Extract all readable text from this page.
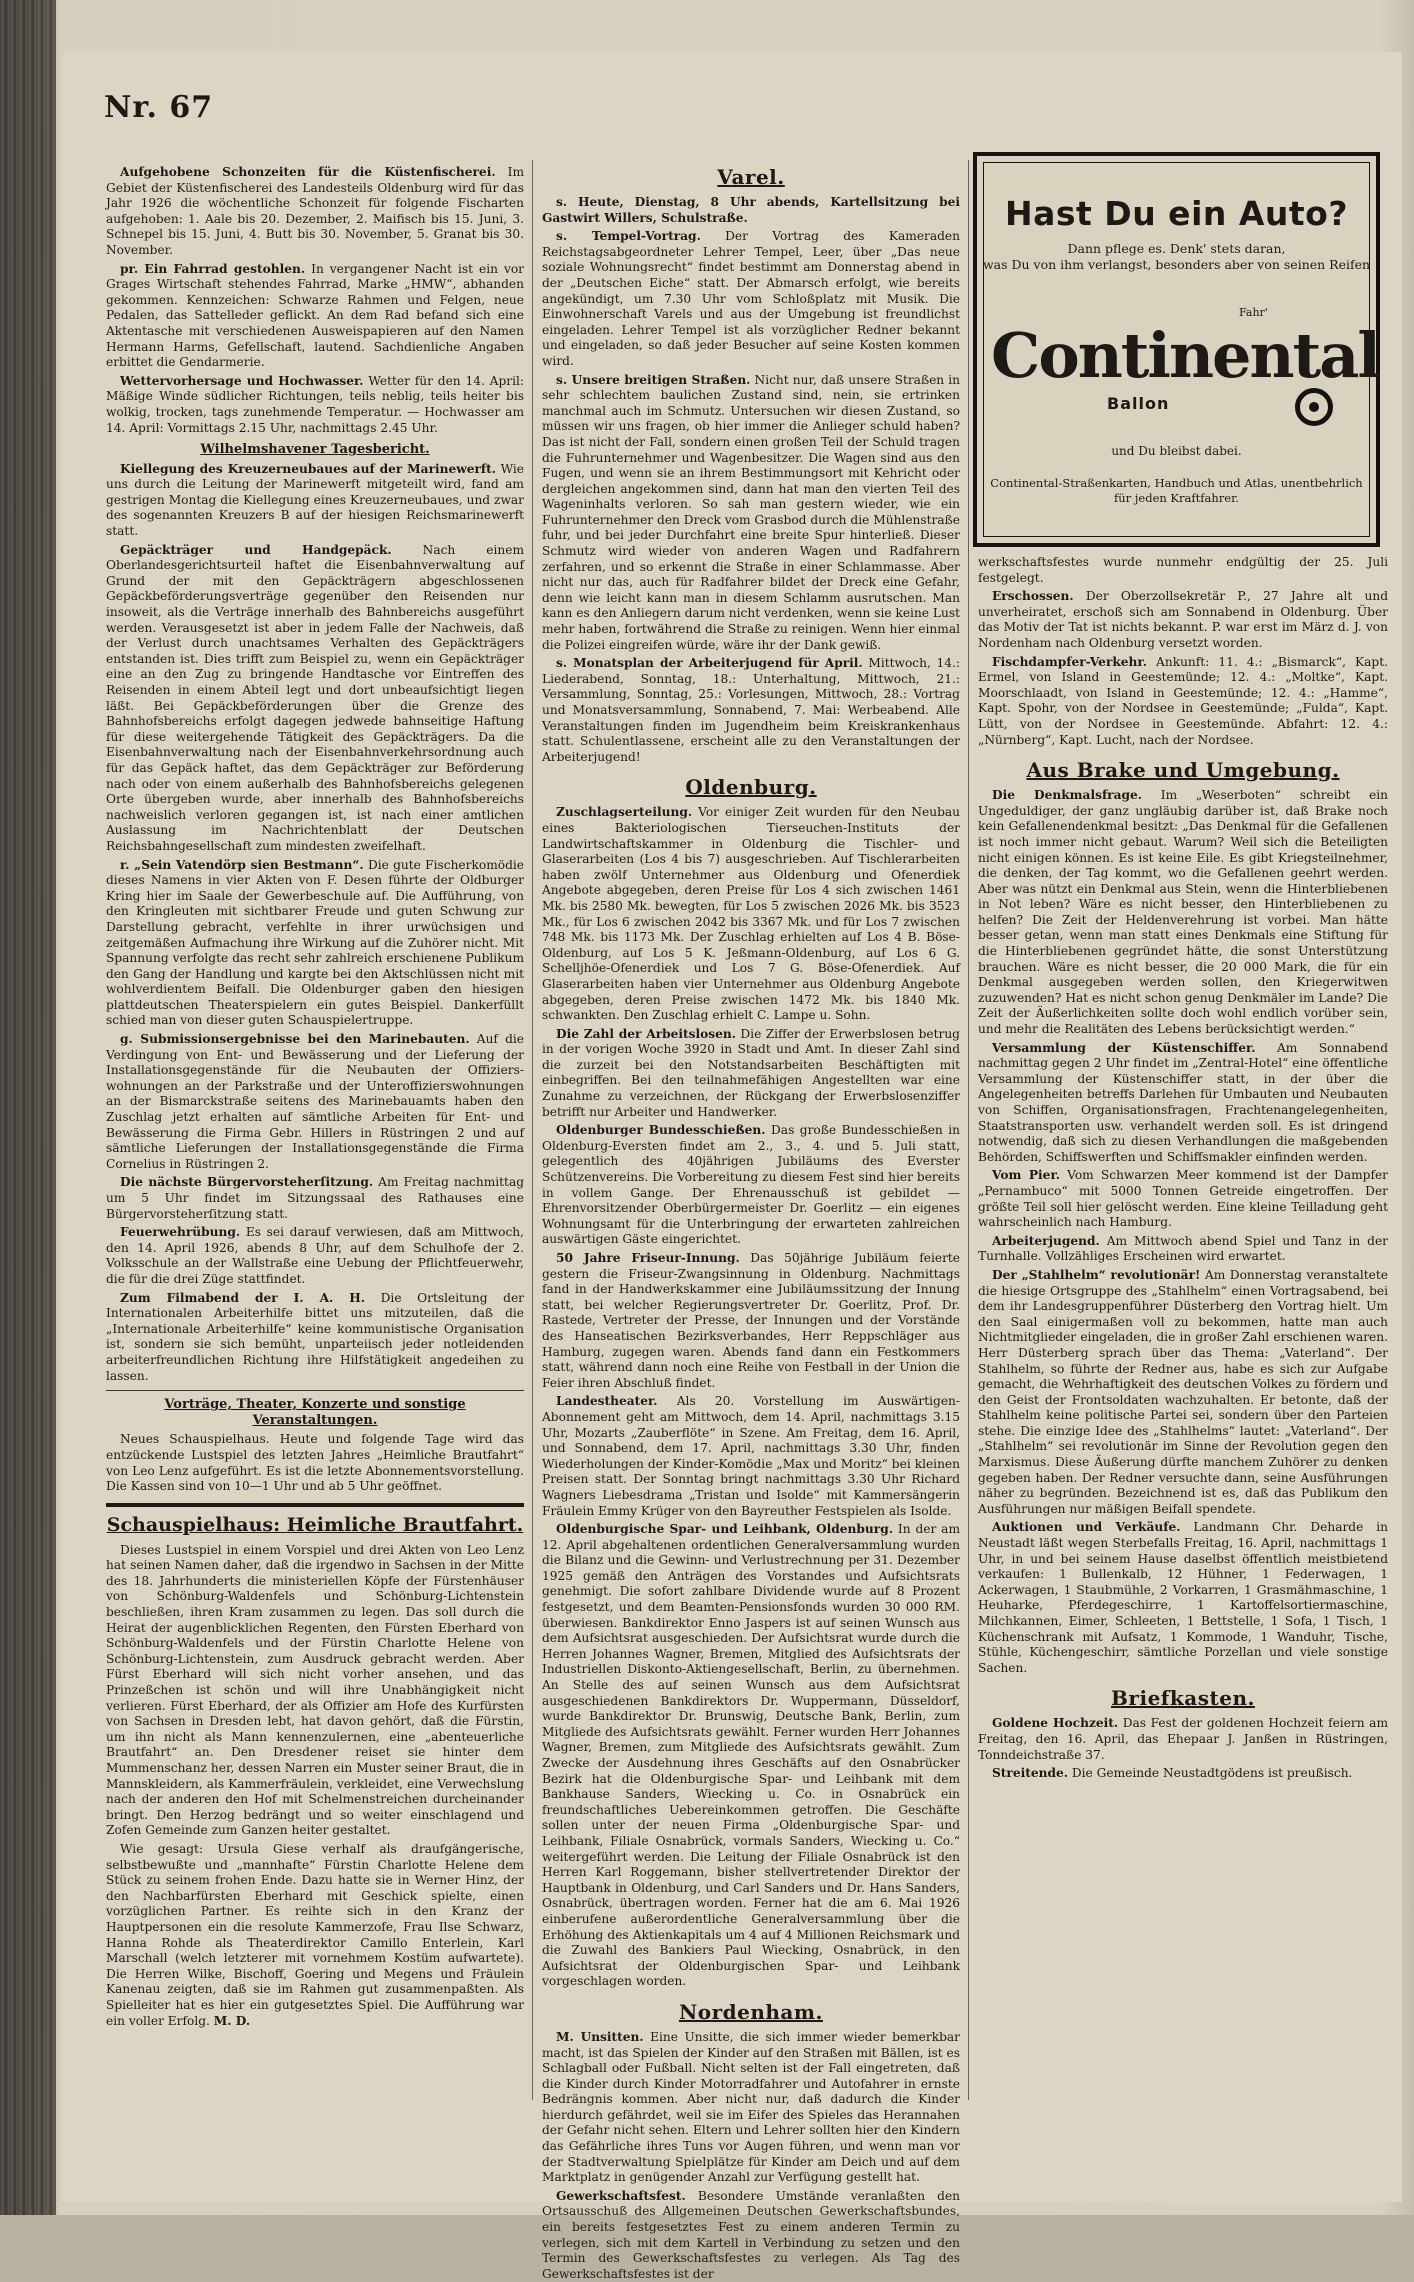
Nr. 67

Aufgehobene Schonzeiten für die Küstenfischerei. Im Gebiet der Küstenfischerei des Landesteils Oldenburg wird für das Jahr 1926 die wöchentliche Schonzeit für folgende Fischarten aufgehoben: 1. Aale bis 20. Dezember, 2. Maifisch bis 15. Juni, 3. Schnepel bis 15. Juni, 4. Butt bis 30. November, 5. Granat bis 30. November.

pr. Ein Fahrrad gestohlen. In vergangener Nacht ist ein vor Grages Wirtschaft stehendes Fahrrad, Marke „HMW“, abhanden gekommen. Kennzeichen: Schwarze Rahmen und Felgen, neue Pedalen, das Sattelleder geflickt. An dem Rad befand sich eine Aktentasche mit verschiedenen Ausweispapieren auf den Namen Hermann Harms, Gefellschaft, lautend. Sachdienliche Angaben erbittet die Gendarmerie.

Wettervorhersage und Hochwasser. Wetter für den 14. April: Mäßige Winde südlicher Richtungen, teils neblig, teils heiter bis wolkig, trocken, tags zunehmende Temperatur. — Hochwasser am 14. April: Vormittags 2.15 Uhr, nachmittags 2.45 Uhr.

Wilhelmshavener Tagesbericht.

Kiellegung des Kreuzerneubaues auf der Marinewerft. Wie uns durch die Leitung der Marinewerft mitgeteilt wird, fand am gestrigen Montag die Kiellegung eines Kreuzerneubaues, und zwar des sogenannten Kreuzers B auf der hiesigen Reichsmarinewerft statt.

Gepäckträger und Handgepäck.	Nach einem Oberlandesgerichtsurteil haftet die Eisenbahnverwaltung auf Grund der mit den Gepäckträgern abgeschlossenen Gepäckbeförderungsverträge gegenüber den Reisenden nur insoweit, als die Verträge innerhalb des Bahnbereichs ausgeführt werden. Verausgesetzt ist aber in jedem Falle der Nachweis, daß der Verlust durch unachtsames Verhalten des Gepäckträgers entstanden ist. Dies trifft zum Beispiel zu, wenn ein Gepäckträger eine an den Zug zu bringende Handtasche vor Eintreffen des Reisenden in einem Abteil legt und dort unbeaufsichtigt liegen läßt. Bei Gepäckbeförderungen über die Grenze des Bahnhofsbereichs erfolgt dagegen jedwede bahnseitige Haftung für diese weitergehende Tätigkeit des Gepäckträgers. Da die Eisenbahnverwaltung nach der Eisenbahnverkehrsordnung auch für das Gepäck haftet, das dem Gepäckträger zur Beförderung nach oder von einem außerhalb des Bahnhofsbereichs gelegenen Orte übergeben wurde, aber innerhalb des Bahnhofsbereichs nachweislich verloren gegangen ist, ist nach einer amtlichen Auslassung im Nachrichtenblatt der Deutschen Reichsbahngesellschaft zum mindesten zweifelhaft.

r. „Sein Vatendörp sien Bestmann“. Die gute Fischerkomödie dieses Namens in vier Akten von F. Desen führte der Oldburger Kring hier im Saale der Gewerbeschule auf. Die Aufführung, von den Kringleuten mit sichtbarer Freude und guten Schwung zur Darstellung gebracht, verfehlte in ihrer urwüchsigen und zeitgemäßen Aufmachung ihre Wirkung auf die Zuhörer nicht. Mit Spannung verfolgte das recht sehr zahlreich erschienene Publikum den Gang der Handlung und kargte bei den Aktschlüssen nicht mit wohlverdientem Beifall. Die Oldenburger gaben den hiesigen plattdeutschen Theaterspielern ein gutes Beispiel. Dankerfüllt schied man von dieser guten Schauspielertruppe.

g. Submissionsergebnisse bei den Marinebauten. Auf die Verdingung von Ent- und Bewässerung und der Lieferung der Installationsgegenstände für die Neubauten der Offiziers-wohnungen an der Parkstraße und der Unteroffizierswohnungen an der Bismarckstraße seitens des Marinebauamts haben den Zuschlag jetzt erhalten auf sämtliche Arbeiten für Ent- und Bewässerung die Firma Gebr. Hillers in Rüstringen 2 und auf sämtliche Lieferungen der Installationsgegenstände die Firma Cornelius in Rüstringen 2.

Die nächste Bürgervorsteherſitzung. Am Freitag nachmittag um 5 Uhr findet im Sitzungssaal des Rathauses eine Bürgervorsteherſitzung statt.

Feuerwehrübung. Es sei darauf verwiesen, daß am Mittwoch, den 14. April 1926, abends 8 Uhr, auf dem Schulhofe der 2. Volksschule an der Wallstraße eine Uebung der Pflichtfeuerwehr, die für die drei Züge stattfindet.

Zum Filmabend der I. A. H. Die Ortsleitung der Internationalen Arbeiterhilfe bittet uns mitzuteilen, daß die „Internationale Arbeiterhilfe“ keine kommunistische Organisation ist, sondern sie sich bemüht, unparteiisch jeder notleidenden arbeiterfreundlichen Richtung ihre Hilfstätigkeit angedeihen zu lassen.

Vorträge, Theater, Konzerte und sonstige Veranstaltungen.

Neues Schauspielhaus. Heute und folgende Tage wird das entzückende Lustspiel des letzten Jahres „Heimliche Brautfahrt“ von Leo Lenz aufgeführt. Es ist die letzte Abonnementsvorstellung. Die Kassen sind von 10—1 Uhr und ab 5 Uhr geöffnet.

Schauspielhaus: Heimliche Brautfahrt.

Dieses Lustspiel in einem Vorspiel und drei Akten von Leo Lenz hat seinen Namen daher, daß die irgendwo in Sachsen in der Mitte des 18. Jahrhunderts die ministeriellen Köpfe der Fürstenhäuser von Schönburg-Waldenfels und Schönburg-Lichtenstein beschließen, ihren Kram zusammen zu legen. Das soll durch die Heirat der augenblicklichen Regenten, den Fürsten Eberhard von Schönburg-Waldenfels und der Fürstin Charlotte Helene von Schönburg-Lichtenstein, zum Ausdruck gebracht werden. Aber Fürst Eberhard will sich nicht vorher ansehen, und das Prinzeßchen ist schön und will ihre Unabhängigkeit nicht verlieren. Fürst Eberhard, der als Offizier am Hofe des Kurfürsten von Sachsen in Dresden lebt, hat davon gehört, daß die Fürstin, um ihn nicht als Mann kennenzulernen, eine „abenteuerliche Brautfahrt“ an. Den Dresdener reiset sie hinter dem Mummenschanz her, dessen Narren ein Muster seiner Braut, die in Mannskleidern, als Kammerfräulein, verkleidet, eine Verwechslung nach der anderen den Hof mit Schelmenstreichen durcheinander bringt. Den Herzog bedrängt und so weiter einschlagend und Zofen Gemeinde zum Ganzen heiter gestaltet.

Wie gesagt: Ursula Giese verhalf als draufgängerische, selbstbewußte und „mannhafte“ Fürstin Charlotte Helene dem Stück zu seinem frohen Ende. Dazu hatte sie in Werner Hinz, der den Nachbarfürsten Eberhard mit Geschick spielte, einen vorzüglichen Partner. Es reihte sich in den Kranz der Hauptpersonen ein die resolute Kammerzofe, Frau Ilse Schwarz, Hanna Rohde als Theaterdirektor Camillo Enterlein, Karl Marschall (welch letzterer mit vornehmem Kostüm aufwartete). Die Herren Wilke, Bischoff, Goering und Megens und Fräulein Kanenau zeigten, daß sie im Rahmen gut zusammenpaßten. Als Spielleiter hat es hier ein gutgesetztes Spiel. Die Aufführung war ein voller Erfolg. M. D.

Varel.

s. Heute, Dienstag, 8 Uhr abends, Kartellsitzung bei Gastwirt Willers, Schulstraße.

s. Tempel-Vortrag. Der Vortrag des Kameraden Reichstagsabgeordneter Lehrer Tempel, Leer, über „Das neue soziale Wohnungsrecht“ findet bestimmt am Donnerstag abend in der „Deutschen Eiche“ statt. Der Abmarsch erfolgt, wie bereits angekündigt, um 7.30 Uhr vom Schloßplatz mit Musik. Die Einwohnerschaft Varels und aus der Umgebung ist freundlichst eingeladen. Lehrer Tempel ist als vorzüglicher Redner bekannt und eingeladen, so daß jeder Besucher auf seine Kosten kommen wird.

s. Unsere breitigen Straßen. Nicht nur, daß unsere Straßen in sehr schlechtem baulichen Zustand sind, nein, sie ertrinken manchmal auch im Schmutz. Untersuchen wir diesen Zustand, so müssen wir uns fragen, ob hier immer die Anlieger schuld haben? Das ist nicht der Fall, sondern einen großen Teil der Schuld tragen die Fuhrunternehmer und Wagenbesitzer. Die Wagen sind aus den Fugen, und wenn sie an ihrem Bestimmungsort mit Kehricht oder dergleichen angekommen sind, dann hat man den vierten Teil des Wageninhalts verloren. So sah man gestern wieder, wie ein Fuhrunternehmer den Dreck vom Grasbod durch die Mühlenstraße fuhr, und bei jeder Durchfahrt eine breite Spur hinterließ. Dieser Schmutz wird wieder von anderen Wagen und Radfahrern zerfahren, und so erkennt die Straße in einer Schlammasse. Aber nicht nur das, auch für Radfahrer bildet der Dreck eine Gefahr, denn wie leicht kann man in diesem Schlamm ausrutschen. Man kann es den Anliegern darum nicht verdenken, wenn sie keine Lust mehr haben, fortwährend die Straße zu reinigen. Wenn hier einmal die Polizei eingreifen würde, wäre ihr der Dank gewiß.

s. Monatsplan der Arbeiterjugend für April. Mittwoch, 14.: Liederabend, Sonntag, 18.: Unterhaltung, Mittwoch, 21.: Versammlung, Sonntag, 25.: Vorlesungen, Mittwoch, 28.: Vortrag und Monatsversammlung, Sonnabend, 7. Mai: Werbeabend. Alle Veranstaltungen finden im Jugendheim beim Kreiskrankenhaus statt. Schulentlassene, erscheint alle zu den Veranstaltungen der Arbeiterjugend!

Oldenburg.

Zuschlagserteilung. Vor einiger Zeit wurden für den Neubau eines Bakteriologischen Tierseuchen-Instituts der Landwirtschaftskammer in Oldenburg die Tischler- und Glaserarbeiten (Los 4 bis 7) ausgeschrieben. Auf Tischlerarbeiten haben zwölf Unternehmer aus Oldenburg und Ofenerdiek Angebote abgegeben, deren Preise für Los 4 sich zwischen 1461 Mk. bis 2580 Mk. bewegten, für Los 5 zwischen 2026 Mk. bis 3523 Mk., für Los 6 zwischen 2042 bis 3367 Mk. und für Los 7 zwischen 748 Mk. bis 1173 Mk. Der Zuschlag erhielten auf Los 4 B. Böse-Oldenburg, auf Los 5 K. Jeßmann-Oldenburg, auf Los 6 G. Schelljhöe-Ofenerdiek und Los 7 G. Böse-Ofenerdiek. Auf Glaserarbeiten haben vier Unternehmer aus Oldenburg Angebote abgegeben, deren Preise zwischen 1472 Mk. bis 1840 Mk. schwankten. Den Zuschlag erhielt C. Lampe u. Sohn.

Die Zahl der Arbeitslosen. Die Ziffer der Erwerbslosen betrug in der vorigen Woche 3920 in Stadt und Amt. In dieser Zahl sind die zurzeit bei den Notstandsarbeiten Beschäftigten mit einbegriffen. Bei den teilnahmefähigen Angestellten war eine Zunahme zu verzeichnen, der Rückgang der Erwerbslosenziffer betrifft nur Arbeiter und Handwerker.

Oldenburger Bundesschießen. Das große Bundesschießen in Oldenburg-Eversten findet am 2., 3., 4. und 5. Juli statt, gelegentlich des 40jährigen Jubiläums des Everster Schützenvereins. Die Vorbereitung zu diesem Fest sind hier bereits in vollem Gange. Der Ehrenausschuß ist gebildet — Ehrenvorsitzender Oberbürgermeister Dr. Goerlitz — ein eigenes Wohnungsamt für die Unterbringung der erwarteten zahlreichen auswärtigen Gäste eingerichtet.

50 Jahre Friseur-Innung. Das 50jährige Jubiläum feierte gestern die Friseur-Zwangsinnung in Oldenburg. Nachmittags fand in der Handwerkskammer eine Jubiläumssitzung der Innung statt, bei welcher Regierungsvertreter Dr. Goerlitz, Prof. Dr. Rastede, Vertreter der Presse, der Innungen und der Vorstände des Hanseatischen Bezirksverbandes, Herr Reppschläger aus Hamburg, zugegen waren. Abends fand dann ein Festkommers statt, während dann noch eine Reihe von Festball in der Union die Feier ihren Abschluß findet.

Landestheater. Als 20. Vorstellung im Auswärtigen-Abonnement geht am Mittwoch, dem 14. April, nachmittags 3.15 Uhr, Mozarts „Zauberflöte“ in Szene. Am Freitag, dem 16. April, und Sonnabend, dem 17. April, nachmittags 3.30 Uhr, finden Wiederholungen der Kinder-Komödie „Max und Moritz“ bei kleinen Preisen statt. Der Sonntag bringt nachmittags 3.30 Uhr Richard Wagners Liebesdrama „Tristan und Isolde“ mit Kammersängerin Fräulein Emmy Krüger von den Bayreuther Festspielen als Isolde.

Oldenburgische Spar- und Leihbank, Oldenburg. In der am 12. April abgehaltenen ordentlichen Generalversammlung wurden die Bilanz und die Gewinn- und Verlustrechnung per 31. Dezember 1925 gemäß den Anträgen des Vorstandes und Aufsichtsrats genehmigt. Die sofort zahlbare Dividende wurde auf 8 Prozent festgesetzt, und dem Beamten-Pensionsfonds wurden 30 000 RM. überwiesen. Bankdirektor Enno Jaspers ist auf seinen Wunsch aus dem Aufsichtsrat ausgeschieden. Der Aufsichtsrat wurde durch die Herren Johannes Wagner, Bremen, Mitglied des Aufsichtsrats der Industriellen Diskonto-Aktiengesellschaft, Berlin, zu übernehmen. An Stelle des auf seinen Wunsch aus dem Aufsichtsrat ausgeschiedenen Bankdirektors Dr. Wuppermann, Düsseldorf, wurde Bankdirektor Dr. Brunswig, Deutsche Bank, Berlin, zum Mitgliede des Aufsichtsrats gewählt. Ferner wurden Herr Johannes Wagner, Bremen, zum Mitgliede des Aufsichtsrats gewählt. Zum Zwecke der Ausdehnung ihres Geschäfts auf den Osnabrücker Bezirk hat die Oldenburgische Spar- und Leihbank mit dem Bankhause Sanders, Wiecking u. Co. in Osnabrück ein freundschaftliches Uebereinkommen getroffen. Die Geschäfte sollen unter der neuen Firma „Oldenburgische Spar- und Leihbank, Filiale Osnabrück, vormals Sanders, Wiecking u. Co.“ weitergeführt werden. Die Leitung der Filiale Osnabrück ist den Herren Karl Roggemann, bisher stellvertretender Direktor der Hauptbank in Oldenburg, und Carl Sanders und Dr. Hans Sanders, Osnabrück, übertragen worden. Ferner hat die am 6. Mai 1926 einberufene außerordentliche Generalversammlung über die Erhöhung des Aktienkapitals um 4 auf 4 Millionen Reichsmark und die Zuwahl des Bankiers Paul Wiecking, Osnabrück, in den Aufsichtsrat der Oldenburgischen Spar- und Leihbank vorgeschlagen worden.

Nordenham.

M. Unsitten. Eine Unsitte, die sich immer wieder bemerkbar macht, ist das Spielen der Kinder auf den Straßen mit Bällen, ist es Schlagball oder Fußball. Nicht selten ist der Fall eingetreten, daß die Kinder durch Kinder Motorradfahrer und Autofahrer in ernste Bedrängnis kommen. Aber nicht nur, daß dadurch die Kinder hierdurch gefährdet, weil sie im Eifer des Spieles das Herannahen der Gefahr nicht sehen. Eltern und Lehrer sollten hier den Kindern das Gefährliche ihres Tuns vor Augen führen, und wenn man vor der Stadtverwaltung Spielplätze für Kinder am Deich und auf dem Marktplatz in genügender Anzahl zur Verfügung gestellt hat.

Gewerkschaftsfest. Besondere Umstände veranlaßten den Ortsausschuß des Allgemeinen Deutschen Gewerkschaftsbundes, ein bereits festgesetztes Fest zu einem anderen Termin zu verlegen, sich mit dem Kartell in Verbindung zu setzen und den Termin des Gewerkschaftsfestes zu verlegen. Als Tag des Gewerkschaftsfestes ist der

Hast Du ein Auto?
Dann pflege es. Denk' stets daran,
was Du von ihm verlangst, besonders aber von seinen Reifen
Fahr'
Continental
Ballon
und Du bleibst dabei.
Continental-Straßenkarten, Handbuch und Atlas, unentbehrlich für jeden Kraftfahrer.

werkschaftsfestes wurde nunmehr endgültig der 25. Juli festgelegt.

Erschossen. Der Oberzollsekretär P., 27 Jahre alt und unverheiratet, erschoß sich am Sonnabend in Oldenburg. Über das Motiv der Tat ist nichts bekannt. P. war erst im März d. J. von Nordenham nach Oldenburg versetzt worden.

Fischdampfer-Verkehr. Ankunft: 11. 4.: „Bismarck“, Kapt. Ermel, von Island in Geestemünde; 12. 4.: „Moltke“, Kapt. Moorschlaadt, von Island in Geestemünde; 12. 4.: „Hamme“, Kapt. Spohr, von der Nordsee in Geestemünde; „Fulda“, Kapt. Lütt, von der Nordsee in Geestemünde. Abfahrt: 12. 4.: „Nürnberg“, Kapt. Lucht, nach der Nordsee.

Aus Brake und Umgebung.

Die Denkmalsfrage. Im „Weserboten“ schreibt ein Ungeduldiger, der ganz ungläubig darüber ist, daß Brake noch kein Gefallenendenkmal besitzt: „Das Denkmal für die Gefallenen ist noch immer nicht gebaut. Warum? Weil sich die Beteiligten nicht einigen können. Es ist keine Eile. Es gibt Kriegsteilnehmer, die denken, der Tag kommt, wo die Gefallenen geehrt werden. Aber was nützt ein Denkmal aus Stein, wenn die Hinterbliebenen in Not leben? Wäre es nicht besser, den Hinterbliebenen zu helfen? Die Zeit der Heldenverehrung ist vorbei. Man hätte besser getan, wenn man statt eines Denkmals eine Stiftung für die Hinterbliebenen gegründet hätte, die sonst Unterstützung brauchen. Wäre es nicht besser, die 20 000 Mark, die für ein Denkmal ausgegeben werden sollen, den Kriegerwitwen zuzuwenden? Hat es nicht schon genug Denkmäler im Lande? Die Zeit der Äußerlichkeiten sollte doch wohl endlich vorüber sein, und mehr die Realitäten des Lebens berücksichtigt werden.“

Versammlung der Küstenschiffer. Am Sonnabend nachmittag gegen 2 Uhr findet im „Zentral-Hotel“ eine öffentliche Versammlung der Küstenschiffer statt, in der über die Angelegenheiten betreffs Darlehen für Umbauten und Neubauten von Schiffen, Organisationsfragen, Frachtenangelegenheiten, Staatstransporten usw. verhandelt werden soll. Es ist dringend notwendig, daß sich zu diesen Verhandlungen die maßgebenden Behörden, Schiffswerften und Schiffsmakler einfinden werden.

Vom Pier. Vom Schwarzen Meer kommend ist der Dampfer „Pernambuco“ mit 5000 Tonnen Getreide eingetroffen. Der größte Teil soll hier gelöscht werden. Eine kleine Teilladung geht wahrscheinlich nach Hamburg.

Arbeiterjugend. Am Mittwoch abend Spiel und Tanz in der Turnhalle. Vollzähliges Erscheinen wird erwartet.

Der „Stahlhelm“ revolutionär! Am Donnerstag veranstaltete die hiesige Ortsgruppe des „Stahlhelm“ einen Vortragsabend, bei dem ihr Landesgruppenführer Düsterberg den Vortrag hielt. Um den Saal einigermaßen voll zu bekommen, hatte man auch Nichtmitglieder eingeladen, die in großer Zahl erschienen waren. Herr Düsterberg sprach über das Thema: „Vaterland“. Der Stahlhelm, so führte der Redner aus, habe es sich zur Aufgabe gemacht, die Wehrhaftigkeit des deutschen Volkes zu fördern und den Geist der Frontsoldaten wachzuhalten. Er betonte, daß der Stahlhelm keine politische Partei sei, sondern über den Parteien stehe. Die einzige Idee des „Stahlhelms“ lautet: „Vaterland“. Der „Stahlhelm“ sei revolutionär im Sinne der Revolution gegen den Marxismus. Diese Äußerung dürfte manchem Zuhörer zu denken gegeben haben. Der Redner versuchte dann, seine Ausführungen näher zu begründen. Bezeichnend ist es, daß das Publikum den Ausführungen nur mäßigen Beifall spendete.

Auktionen und Verkäufe. Landmann Chr. Deharde in Neustadt läßt wegen Sterbefalls Freitag, 16. April, nachmittags 1 Uhr, in und bei seinem Hause daselbst öffentlich meistbietend verkaufen: 1 Bullenkalb, 12 Hühner, 1 Federwagen, 1 Ackerwagen, 1 Staubmühle, 2 Vorkarren, 1 Grasmähmaschine, 1 Heuharke, Pferdegeschirre, 1 Kartoffelsortiermaschine, Milchkannen, Eimer, Schleeten, 1 Bettstelle, 1 Sofa, 1 Tisch, 1 Küchenschrank mit Aufsatz, 1 Kommode, 1 Wanduhr, Tische, Stühle, Küchengeschirr, sämtliche Porzellan und viele sonstige Sachen.

Briefkasten.

Goldene Hochzeit. Das Fest der goldenen Hochzeit feiern am Freitag, den 16. April, das Ehepaar J. Janßen in Rüstringen, Tonndeichstraße 37.

Streitende. Die Gemeinde Neustadtgödens ist preußisch.
